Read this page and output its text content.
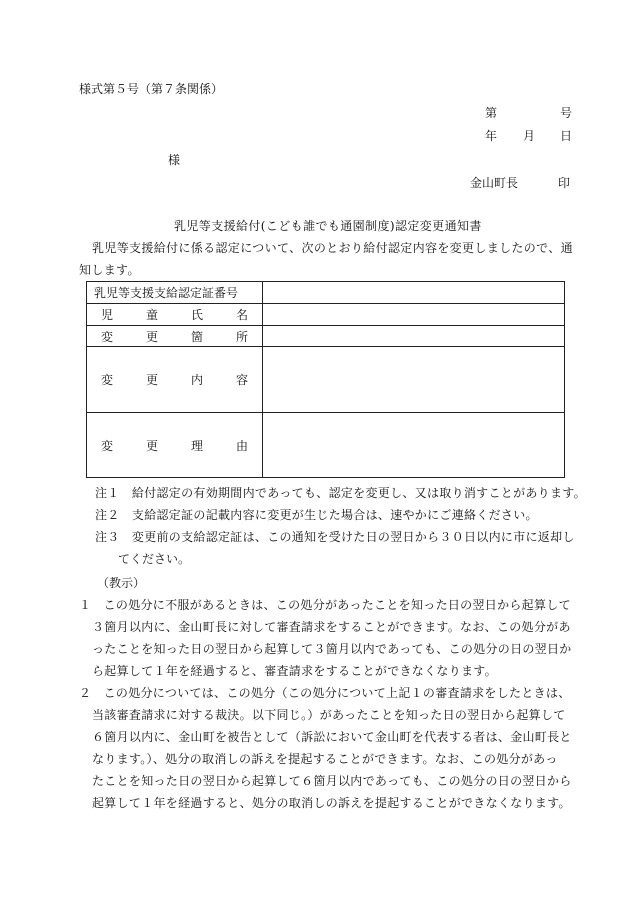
様式第５号（第７条関係）
第	号
年 月 日
様
金山町長	印
乳児等支援給付(こども誰でも通園制度)認定変更通知書
乳児等支援給付に係る認定について、次のとおり給付認定内容を変更しましたので、通
知します。
乳児等支援支給認定証番号	

児 童 氏 名	

変 更 箇 所	

変 更 内 容	

変 更 理 由	

注１　給付認定の有効期間内であっても、認定を変更し、又は取り消すことがあります。
注２　支給認定証の記載内容に変更が生じた場合は、速やかにご連絡ください。
注３　変更前の支給認定証は、この通知を受けた日の翌日から３０日以内に市に返却し
てください。
（教示）
１　この処分に不服があるときは、この処分があったことを知った日の翌日から起算して
３箇月以内に、金山町長に対して審査請求をすることができます。なお、この処分があ
ったことを知った日の翌日から起算して３箇月以内であっても、この処分の日の翌日か
ら起算して１年を経過すると、審査請求をすることができなくなります。
２　この処分については、この処分（この処分について上記１の審査請求をしたときは、
当該審査請求に対する裁決。以下同じ。）があったことを知った日の翌日から起算して
６箇月以内に、金山町を被告として（訴訟において金山町を代表する者は、金山町長と
なります。）、処分の取消しの訴えを提起することができます。なお、この処分があっ
たことを知った日の翌日から起算して６箇月以内であっても、この処分の日の翌日から
起算して１年を経過すると、処分の取消しの訴えを提起することができなくなります。
